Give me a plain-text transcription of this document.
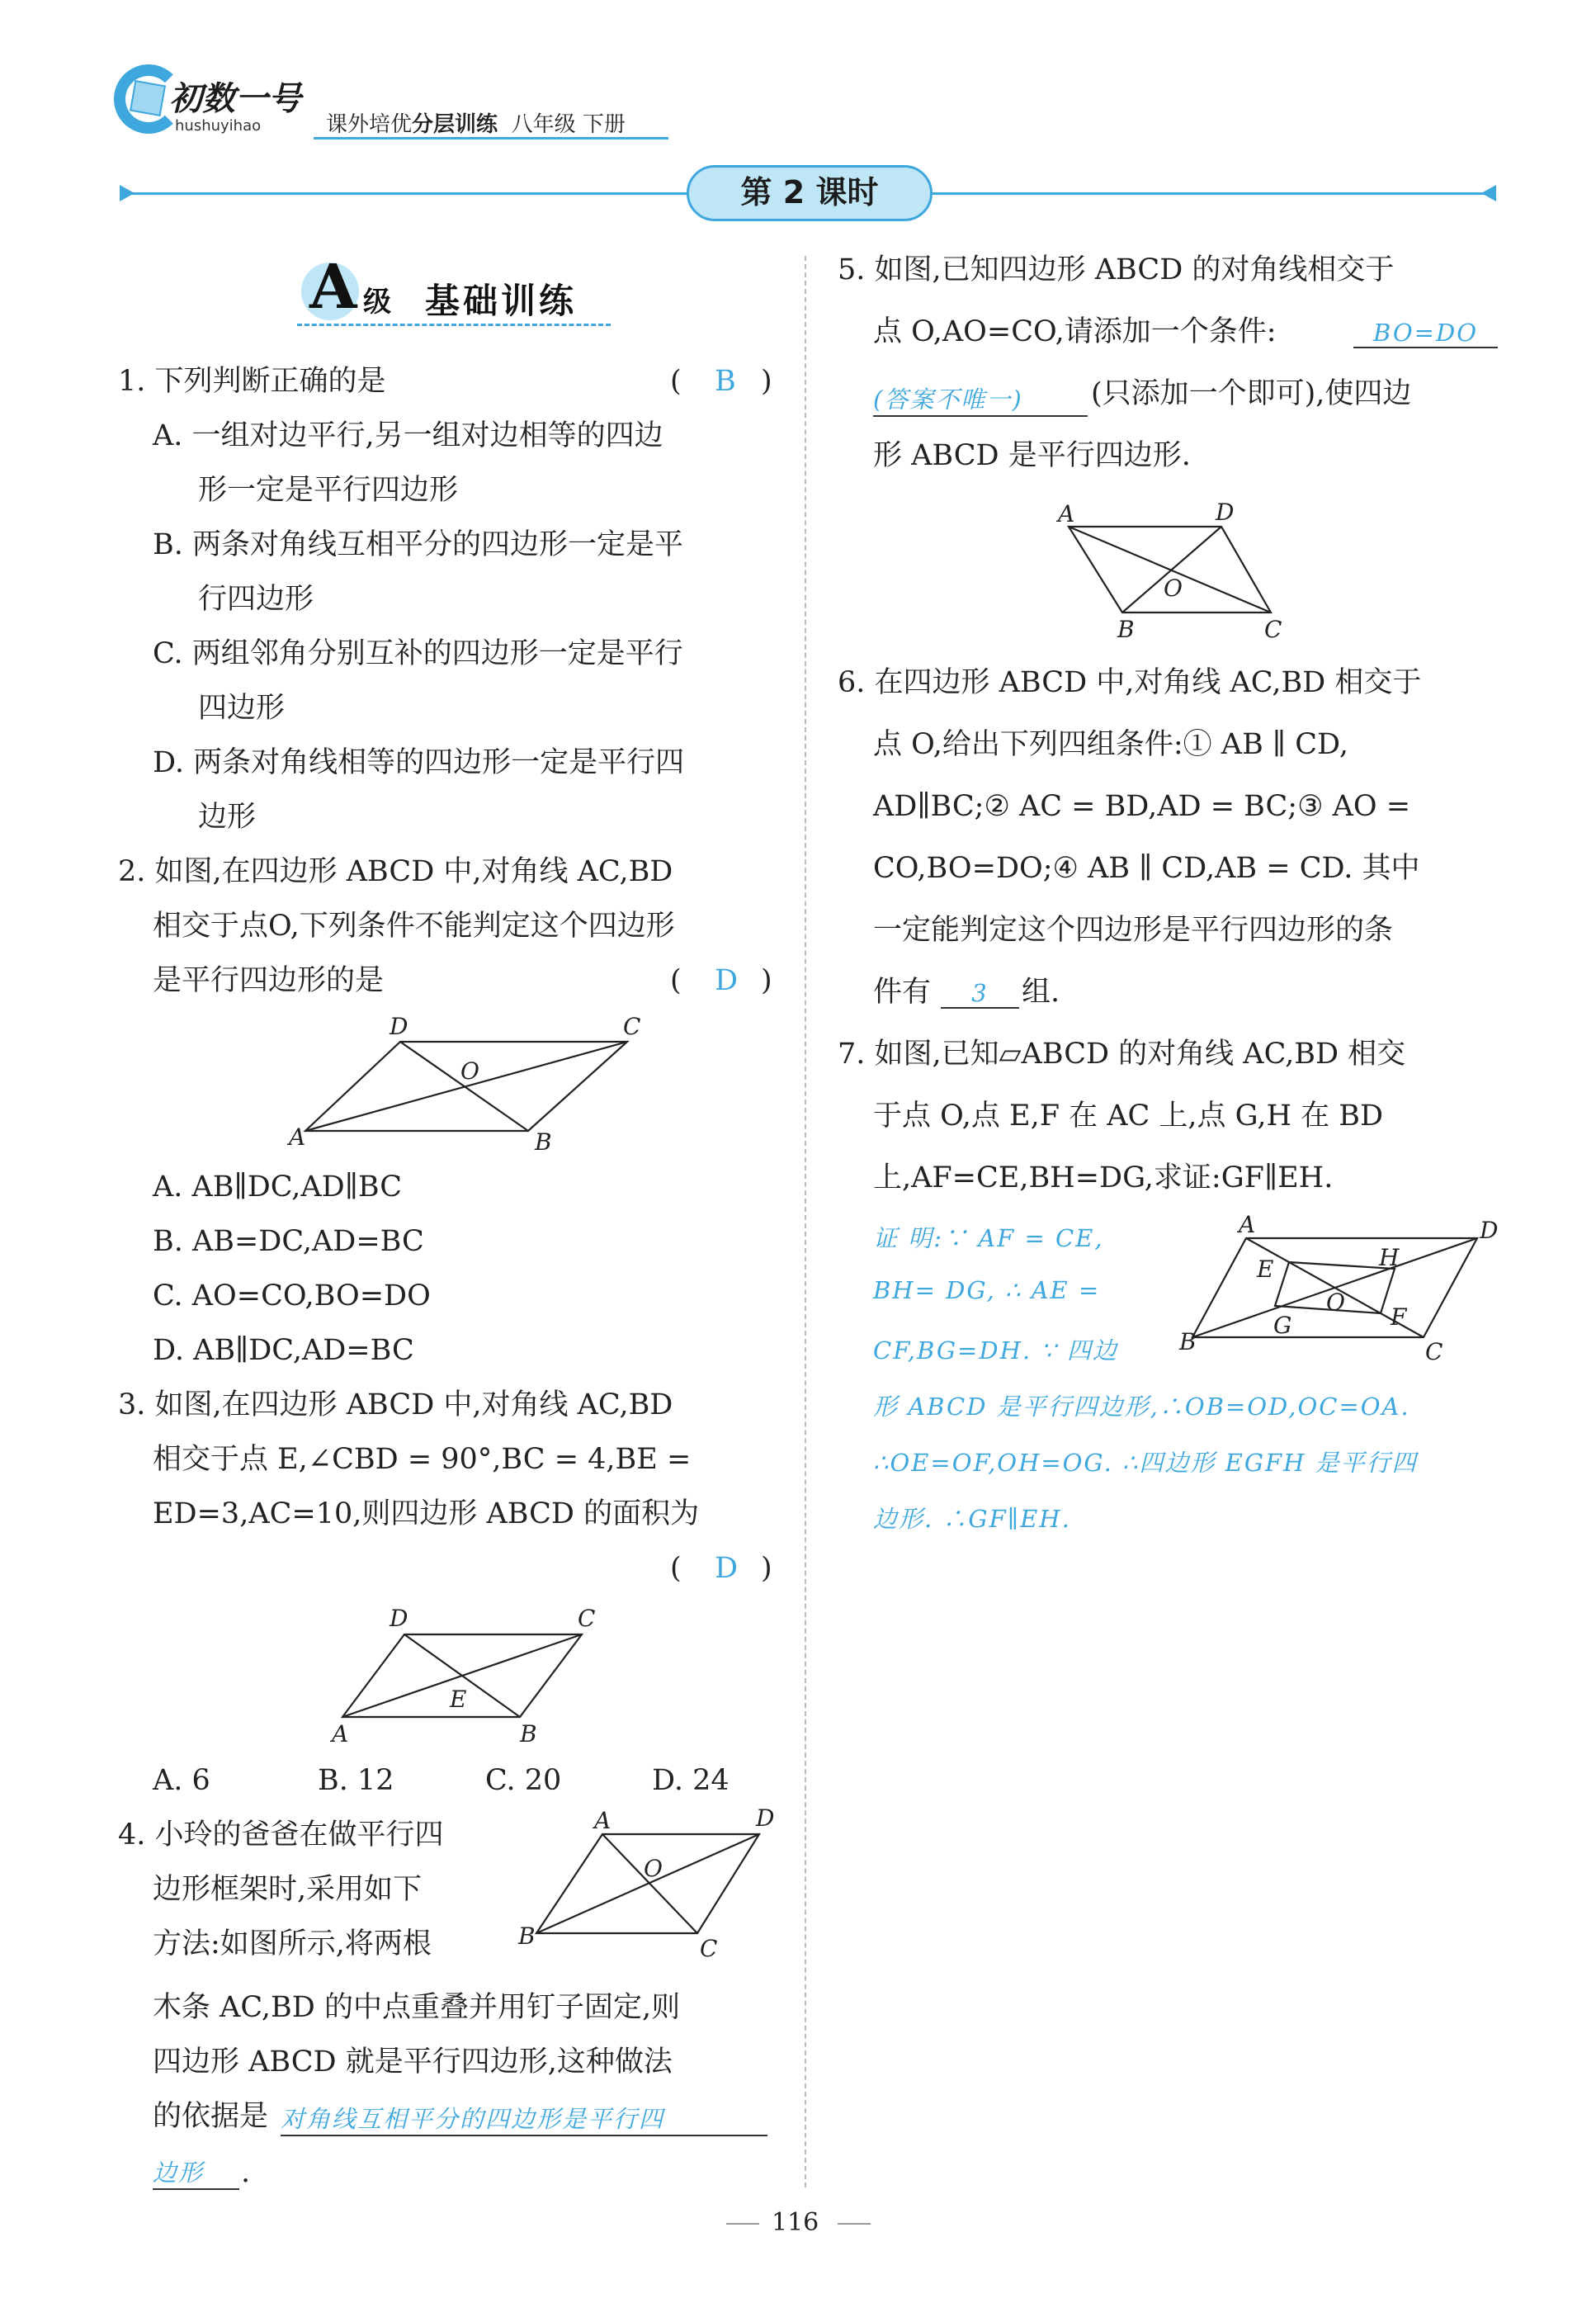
初数一号
hushuyihao	课外培优分层训练 八年级 下册
第 2 课时
A 级 基础训练
1. 下列判断正确的是	( B )
A. 一组对边平行,另一组对边相等的四边
形一定是平行四边形
B. 两条对角线互相平分的四边形一定是平
行四边形
C. 两组邻角分别互补的四边形一定是平行
四边形
D. 两条对角线相等的四边形一定是平行四
边形
2. 如图,在四边形 ABCD 中,对角线 AC,BD
相交于点O,下列条件不能判定这个四边形
是平行四边形的是	( D )
A	B
C
D
O
A. AB∥DC,AD∥BC
B. AB=DC,AD=BC
C. AO=CO,BO=DO
D. AB∥DC,AD=BC
3. 如图,在四边形 ABCD 中,对角线 AC,BD
相交于点 E,∠CBD = 90°,BC = 4,BE =
ED=3,AC=10,则四边形 ABCD 的面积为
( D )
A	B
C
D
E
A. 6	B. 12	C. 20	D. 24
4. 小玲的爸爸在做平行四
边形框架时,采用如下
方法:如图所示,将两根
A
B	C
D
O
木条 AC,BD 的中点重叠并用钉子固定,则
四边形 ABCD 就是平行四边形,这种做法
的依据是 对角线互相平分的四边形是平行四
边形	.
5. 如图,已知四边形 ABCD 的对角线相交于
点 O,AO=CO,请添加一个条件:	BO=DO
(答案不唯一)	(只添加一个即可),使四边
形 ABCD 是平行四边形.
A
B	C
D
O
6. 在四边形 ABCD 中,对角线 AC,BD 相交于
点 O,给出下列四组条件:① AB ∥ CD,
AD∥BC;② AC = BD,AD = BC;③ AO =
CO,BO=DO;④ AB ∥ CD,AB = CD. 其中
一定能判定这个四边形是平行四边形的条
件有	3	组.
7. 如图,已知▱ABCD 的对角线 AC,BD 相交
于点 O,点 E,F 在 AC 上,点 G,H 在 BD
上,AF=CE,BH=DG,求证:GF∥EH.
证 明:∵ AF = CE,
BH= DG, ∴ AE =
CF,BG=DH. ∵ 四边
A
B	C
D
E
F
G
H
O
形 ABCD 是平行四边形,∴OB=OD,OC=OA.
∴OE=OF,OH=OG. ∴四边形 EGFH 是平行四
边形. ∴GF∥EH.
116
